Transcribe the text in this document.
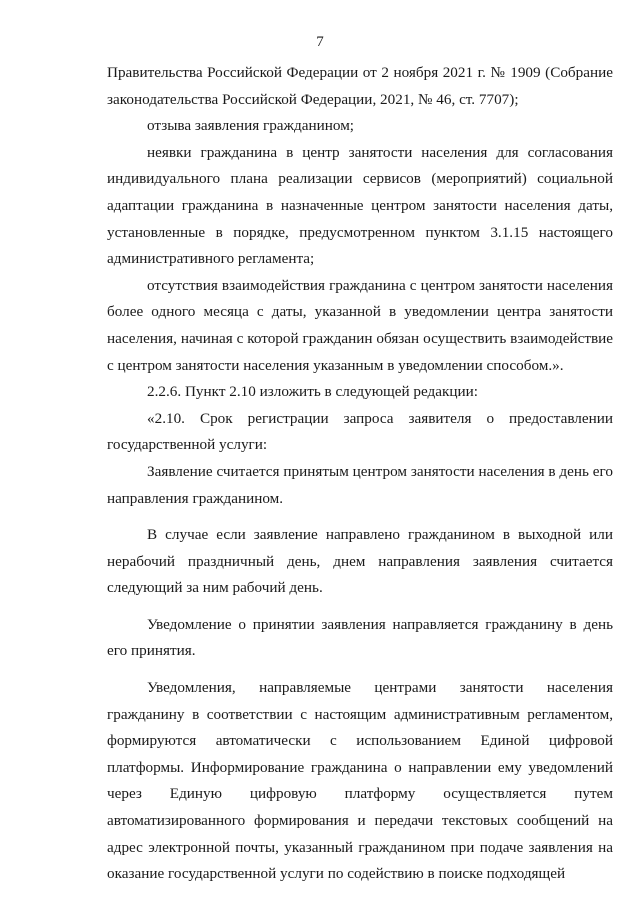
7

Правительства Российской Федерации от 2 ноября 2021 г. № 1909 (Собрание законодательства Российской Федерации, 2021, № 46, ст. 7707);

отзыва заявления гражданином;

неявки гражданина в центр занятости населения для согласования индивидуального плана реализации сервисов (мероприятий) социальной адаптации гражданина в назначенные центром занятости населения даты, установленные в порядке, предусмотренном пунктом 3.1.15 настоящего административного регламента;

отсутствия взаимодействия гражданина с центром занятости населения более одного месяца с даты, указанной в уведомлении центра занятости населения, начиная с которой гражданин обязан осуществить взаимодействие с центром занятости населения указанным в уведомлении способом.».

2.2.6. Пункт 2.10 изложить в следующей редакции:

«2.10. Срок регистрации запроса заявителя о предоставлении государственной услуги:

Заявление считается принятым центром занятости населения в день его направления гражданином.

В случае если заявление направлено гражданином в выходной или нерабочий праздничный день, днем направления заявления считается следующий за ним рабочий день.

Уведомление о принятии заявления направляется гражданину в день его принятия.

Уведомления, направляемые центрами занятости населения гражданину в соответствии с настоящим административным регламентом, формируются автоматически с использованием Единой цифровой платформы. Информирование гражданина о направлении ему уведомлений через Единую цифровую платформу осуществляется путем автоматизированного формирования и передачи текстовых сообщений на адрес электронной почты, указанный гражданином при подаче заявления на оказание государственной услуги по содействию в поиске подходящей
